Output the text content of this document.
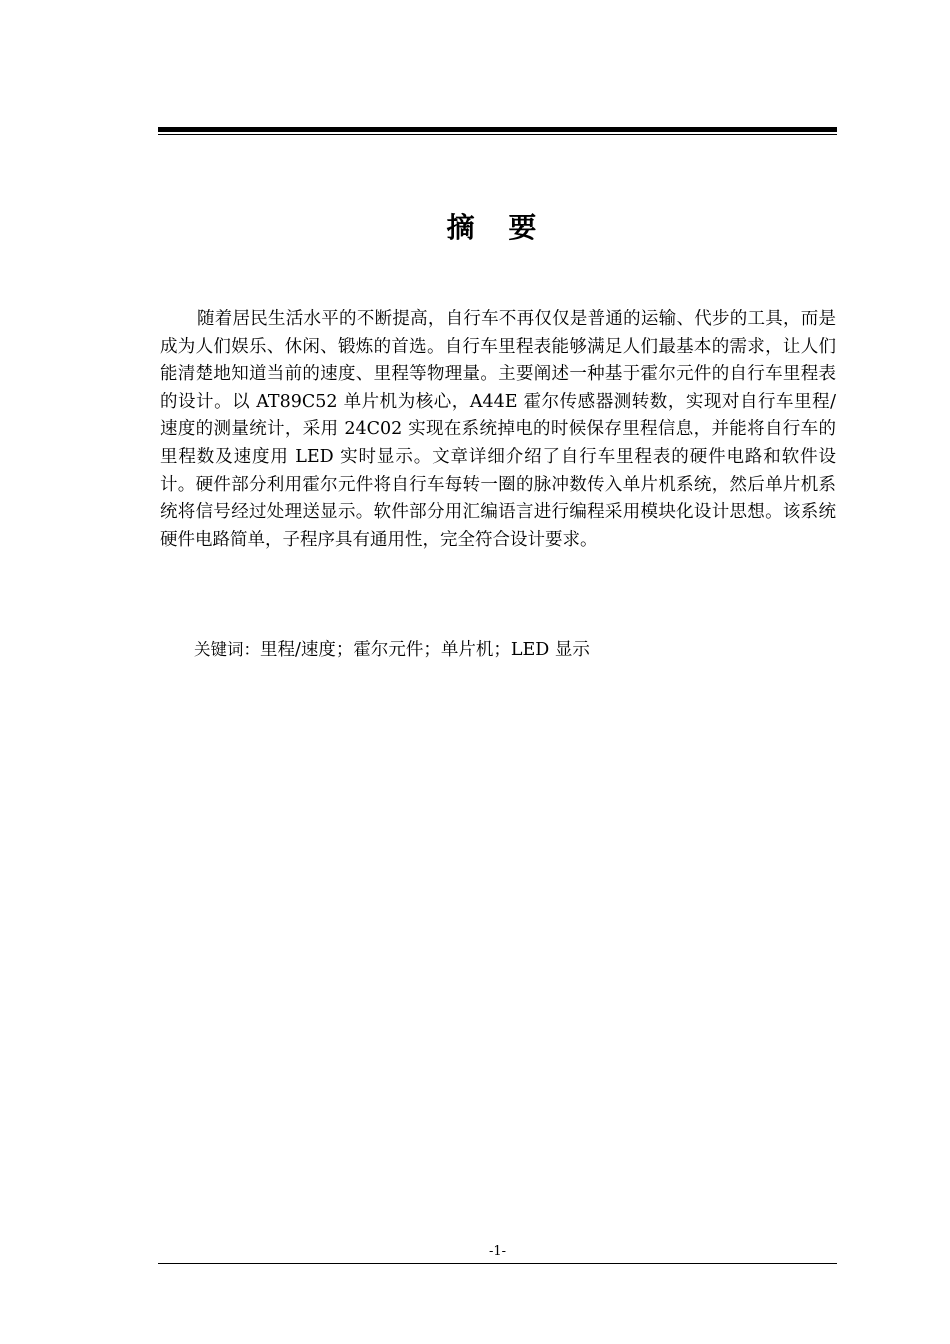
摘 要

随着居民生活水平的不断提高，自行车不再仅仅是普通的运输、代步的工具，而是成为人们娱乐、休闲、锻炼的首选。自行车里程表能够满足人们最基本的需求，让人们能清楚地知道当前的速度、里程等物理量。主要阐述一种基于霍尔元件的自行车里程表的设计。以 AT89C52 单片机为核心，A44E 霍尔传感器测转数，实现对自行车里程/速度的测量统计，采用 24C02 实现在系统掉电的时候保存里程信息，并能将自行车的里程数及速度用 LED 实时显示。文章详细介绍了自行车里程表的硬件电路和软件设计。硬件部分利用霍尔元件将自行车每转一圈的脉冲数传入单片机系统，然后单片机系统将信号经过处理送显示。软件部分用汇编语言进行编程采用模块化设计思想。该系统硬件电路简单，子程序具有通用性，完全符合设计要求。

关键词：里程/速度；霍尔元件；单片机；LED 显示
-1-
